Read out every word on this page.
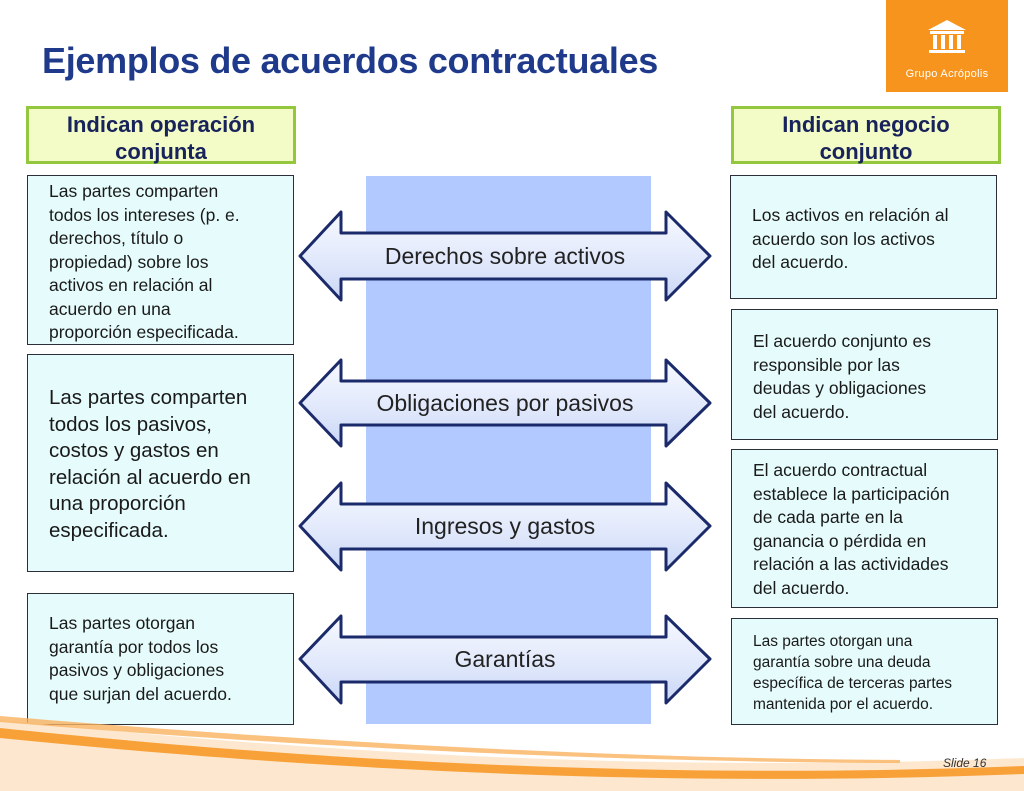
Ejemplos de acuerdos contractuales	Grupo Acrópolis
Indican operación
conjunta
Indican negocio
conjunto

Las partes comparten
todos los intereses (p. e.
derechos, título o
propiedad) sobre los
activos en relación al
acuerdo en una
proporción especificada.

Las partes comparten
todos los pasivos,
costos y gastos en
relación al acuerdo en
una proporción
especificada.

Las partes otorgan
garantía por todos los
pasivos y obligaciones
que surjan del acuerdo.

Derechos sobre activos
Obligaciones por pasivos
Ingresos y gastos
Garantías

Los activos en relación al
acuerdo son los activos
del acuerdo.

El acuerdo conjunto es
responsible por las
deudas y obligaciones
del acuerdo.

El acuerdo contractual
establece la participación
de cada parte en la
ganancia o pérdida en
relación a las actividades
del acuerdo.

Las partes otorgan una
garantía sobre una deuda
específica de terceras partes
mantenida por el acuerdo.

Slide 16
